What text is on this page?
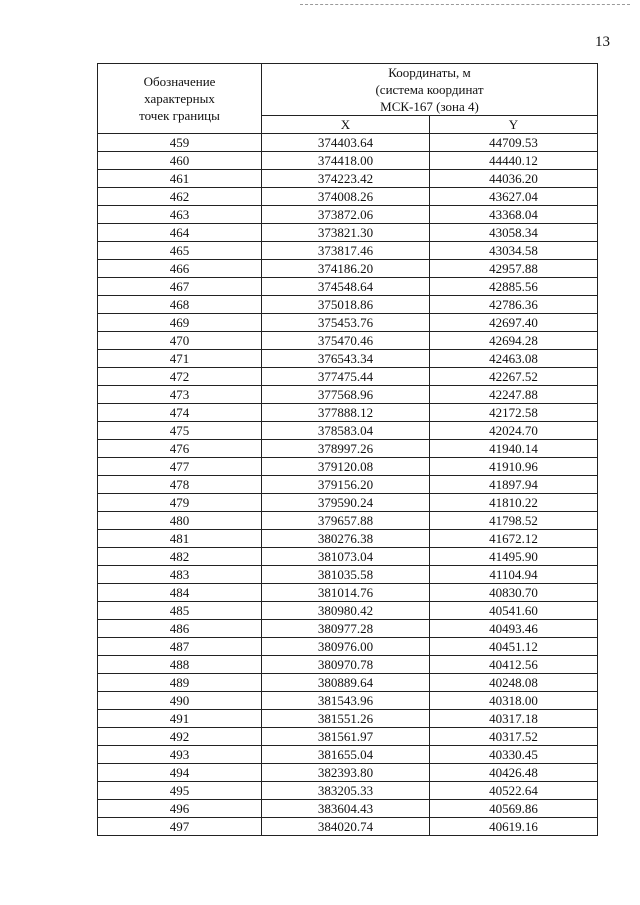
13
Обозначение
характерных
точек границы	Координаты, м
(система координат
МСК-167 (зона 4)	

	X	Y
459	374403.64	44709.53
460	374418.00	44440.12
461	374223.42	44036.20
462	374008.26	43627.04
463	373872.06	43368.04
464	373821.30	43058.34
465	373817.46	43034.58
466	374186.20	42957.88
467	374548.64	42885.56
468	375018.86	42786.36
469	375453.76	42697.40
470	375470.46	42694.28
471	376543.34	42463.08
472	377475.44	42267.52
473	377568.96	42247.88
474	377888.12	42172.58
475	378583.04	42024.70
476	378997.26	41940.14
477	379120.08	41910.96
478	379156.20	41897.94
479	379590.24	41810.22
480	379657.88	41798.52
481	380276.38	41672.12
482	381073.04	41495.90
483	381035.58	41104.94
484	381014.76	40830.70
485	380980.42	40541.60
486	380977.28	40493.46
487	380976.00	40451.12
488	380970.78	40412.56
489	380889.64	40248.08
490	381543.96	40318.00
491	381551.26	40317.18
492	381561.97	40317.52
493	381655.04	40330.45
494	382393.80	40426.48
495	383205.33	40522.64
496	383604.43	40569.86
497	384020.74	40619.16
